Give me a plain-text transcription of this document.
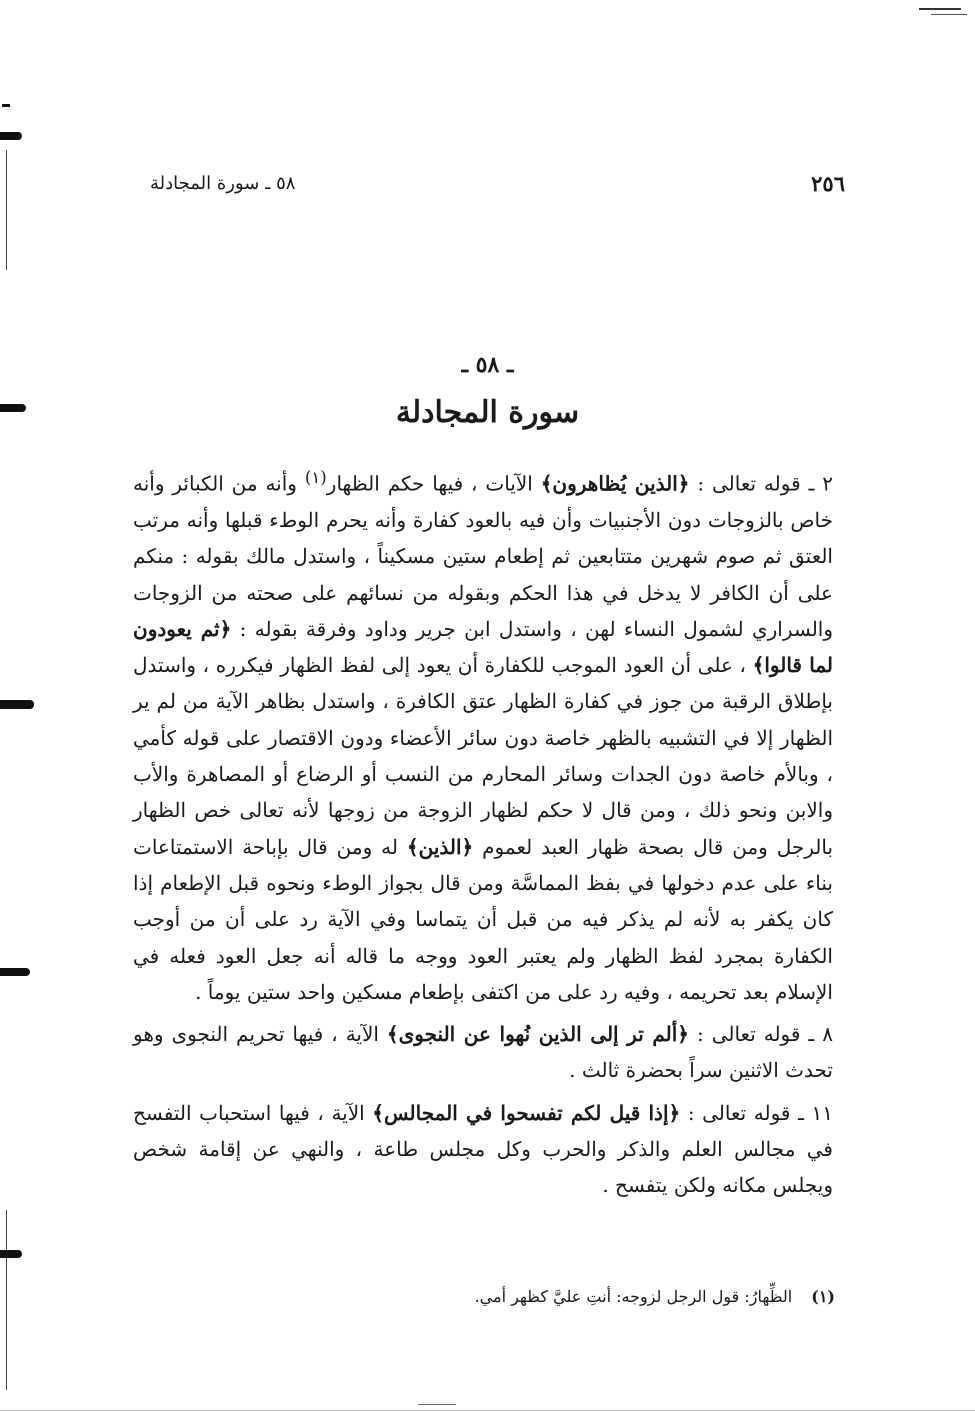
٢٥٦
٥٨ ـ سورة المجادلة
ـ ٥٨ ـ
سورة المجادلة

٢ ـ قوله تعالى : ﴿الذين يُظاهرون﴾ الآيات ، فيها حكم الظهار$^{(١)}$ وأنه من الكبائر وأنه خاص بالزوجات دون الأجنبيات وأن فيه بالعود كفارة وأنه يحرم الوطء قبلها وأنه مرتب العتق ثم صوم شهرين متتابعين ثم إطعام ستين مسكيناً ، واستدل مالك بقوله : منكم على أن الكافر لا يدخل في هذا الحكم وبقوله من نسائهم على صحته من الزوجات والسراري لشمول النساء لهن ، واستدل ابن جرير وداود وفرقة بقوله : ﴿ثم يعودون لما قالوا﴾ ، على أن العود الموجب للكفارة أن يعود إلى لفظ الظهار فيكرره ، واستدل بإطلاق الرقبة من جوز في كفارة الظهار عتق الكافرة ، واستدل بظاهر الآية من لم ير الظهار إلا في التشبيه بالظهر خاصة دون سائر الأعضاء ودون الاقتصار على قوله كأمي ، وبالأم خاصة دون الجدات وسائر المحارم من النسب أو الرضاع أو المصاهرة والأب والابن ونحو ذلك ، ومن قال لا حكم لظهار الزوجة من زوجها لأنه تعالى خص الظهار بالرجل ومن قال بصحة ظهار العبد لعموم ﴿الذين﴾ له ومن قال بإباحة الاستمتاعات بناء على عدم دخولها في بفظ المماسَّة ومن قال بجواز الوطء ونحوه قبل الإطعام إذا كان يكفر به لأنه لم يذكر فيه من قبل أن يتماسا وفي الآية رد على أن من أوجب الكفارة بمجرد لفظ الظهار ولم يعتبر العود ووجه ما قاله أنه جعل العود فعله في الإسلام بعد تحريمه ، وفيه رد على من اكتفى بإطعام مسكين واحد ستين يوماً .

٨ ـ قوله تعالى : ﴿ألم تر إلى الذين نُهوا عن النجوى﴾ الآية ، فيها تحريم النجوى وهو تحدث الاثنين سراً بحضرة ثالث .

١١ ـ قوله تعالى : ﴿إذا قيل لكم تفسحوا في المجالس﴾ الآية ، فيها استحباب التفسح في مجالس العلم والذكر والحرب وكل مجلس طاعة ، والنهي عن إقامة شخص ويجلس مكانه ولكن يتفسح .

(١) الظِّهارُ: قول الرجل لزوجه: أنتِ عليَّ كظهر أمي.
